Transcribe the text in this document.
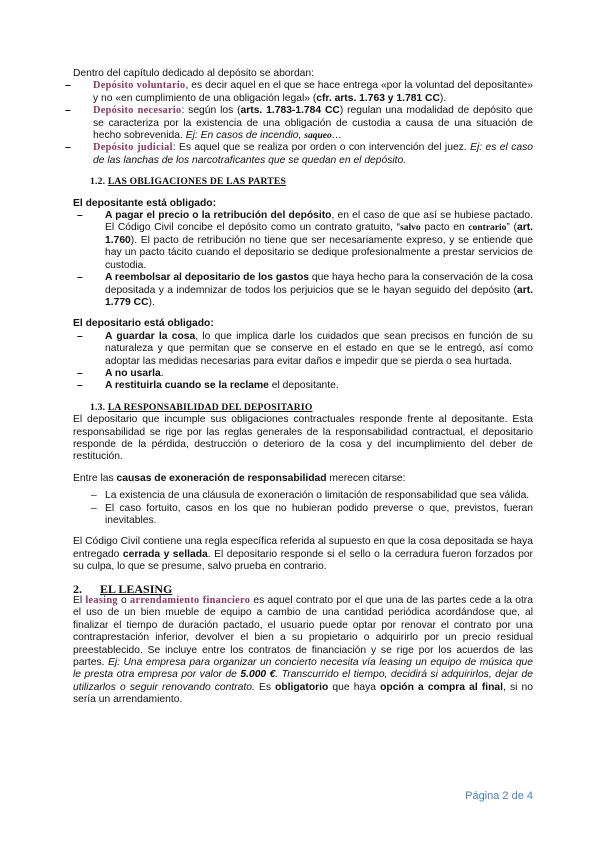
Dentro del capítulo dedicado al depósito se abordan:

– Depósito voluntario, es decir aquel en el que se hace entrega «por la voluntad del depositante» y no «en cumplimiento de una obligación legal» (cfr. arts. 1.763 y 1.781 CC).
– Depósito necesario: según los (arts. 1.783-1.784 CC) regulan una modalidad de depósito que se caracteriza por la existencia de una obligación de custodia a causa de una situación de hecho sobrevenida. Ej: En casos de incendio, saqueo…
– Depósito judicial: Es aquel que se realiza por orden o con intervención del juez. Ej: es el caso de las lanchas de los narcotraficantes que se quedan en el depósito.
1.2. LAS OBLIGACIONES DE LAS PARTES

El depositante está obligado:

– A pagar el precio o la retribución del depósito, en el caso de que así se hubiese pactado. El Código Civil concibe el depósito como un contrato gratuito, “salvo pacto en contrario” (art. 1.760). El pacto de retribución no tiene que ser necesariamente expreso, y se entiende que hay un pacto tácito cuando el depositario se dedique profesionalmente a prestar servicios de custodia.
– A reembolsar al depositario de los gastos que haya hecho para la conservación de la cosa depositada y a indemnizar de todos los perjuicios que se le hayan seguido del depósito (art. 1.779 CC).

El depositario está obligado:

– A guardar la cosa, lo que implica darle los cuidados que sean precisos en función de su naturaleza y que permitan que se conserve en el estado en que se le entregó, así como adoptar las medidas necesarias para evitar daños e impedir que se pierda o sea hurtada.
– A no usarla.
– A restituirla cuando se la reclame el depositante.
1.3. LA RESPONSABILIDAD DEL DEPOSITARIO

El depositario que incumple sus obligaciones contractuales responde frente al depositante. Esta responsabilidad se rige por las reglas generales de la responsabilidad contractual, el depositario responde de la pérdida, destrucción o deterioro de la cosa y del incumplimiento del deber de restitución.

Entre las causas de exoneración de responsabilidad merecen citarse:

– La existencia de una cláusula de exoneración o limitación de responsabilidad que sea válida.
– El caso fortuito, casos en los que no hubieran podido preverse o que, previstos, fueran inevitables.

El Código Civil contiene una regla específica referida al supuesto en que la cosa depositada se haya entregado cerrada y sellada. El depositario responde si el sello o la cerradura fueron forzados por su culpa, lo que se presume, salvo prueba en contrario.

2. EL LEASING

El leasing o arrendamiento financiero es aquel contrato por el que una de las partes cede a la otra el uso de un bien mueble de equipo a cambio de una cantidad periódica acordándose que, al finalizar el tiempo de duración pactado, el usuario puede optar por renovar el contrato por una contraprestación inferior, devolver el bien a su propietario o adquirirlo por un precio residual preestablecido. Se incluye entre los contratos de financiación y se rige por los acuerdos de las partes. Ej: Una empresa para organizar un concierto necesita vía leasing un equipo de música que le presta otra empresa por valor de 5.000 €. Transcurrido el tiempo, decidirá si adquirirlos, dejar de utilizarlos o seguir renovando contrato. Es obligatorio que haya opción a compra al final, si no sería un arrendamiento.

Página 2 de 4
